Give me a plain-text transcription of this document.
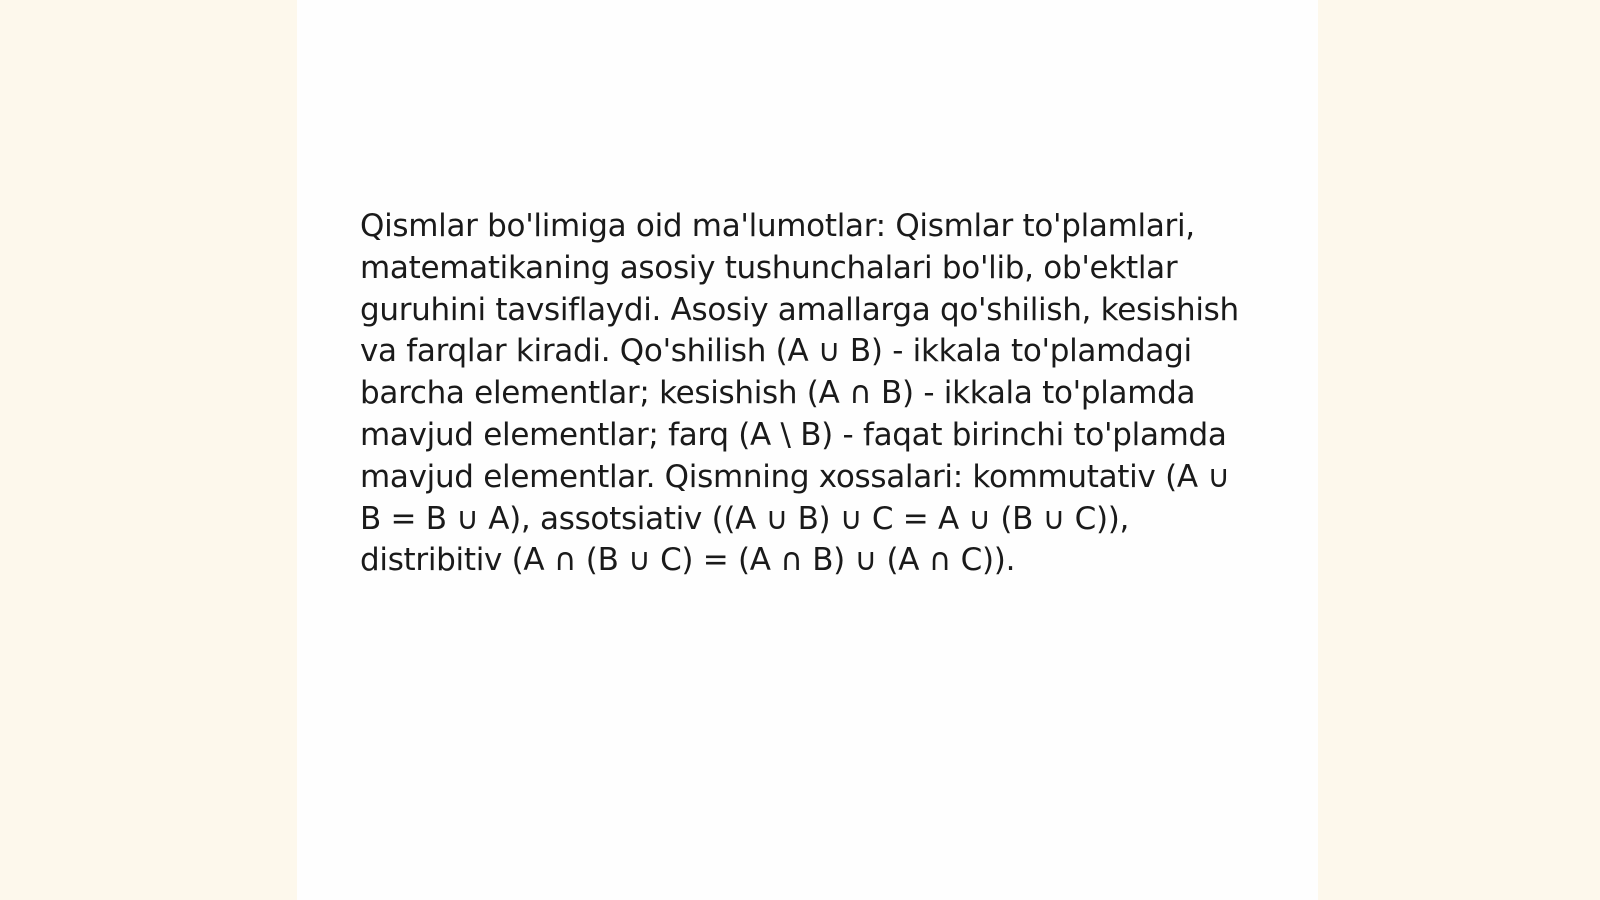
Qismlar bo'limiga oid ma'lumotlar: Qismlar to'plamlari, matematikaning asosiy tushunchalari bo'lib, ob'ektlar guruhini tavsiflaydi. Asosiy amallarga qo'shilish, kesishish va farqlar kiradi. Qo'shilish (A ∪ B) - ikkala to'plamdagi barcha elementlar; kesishish (A ∩ B) - ikkala to'plamda mavjud elementlar; farq (A \ B) - faqat birinchi to'plamda mavjud elementlar. Qismning xossalari: kommutativ (A ∪ B = B ∪ A), assotsiativ ((A ∪ B) ∪ C = A ∪ (B ∪ C)), distribitiv (A ∩ (B ∪ C) = (A ∩ B) ∪ (A ∩ C)).
